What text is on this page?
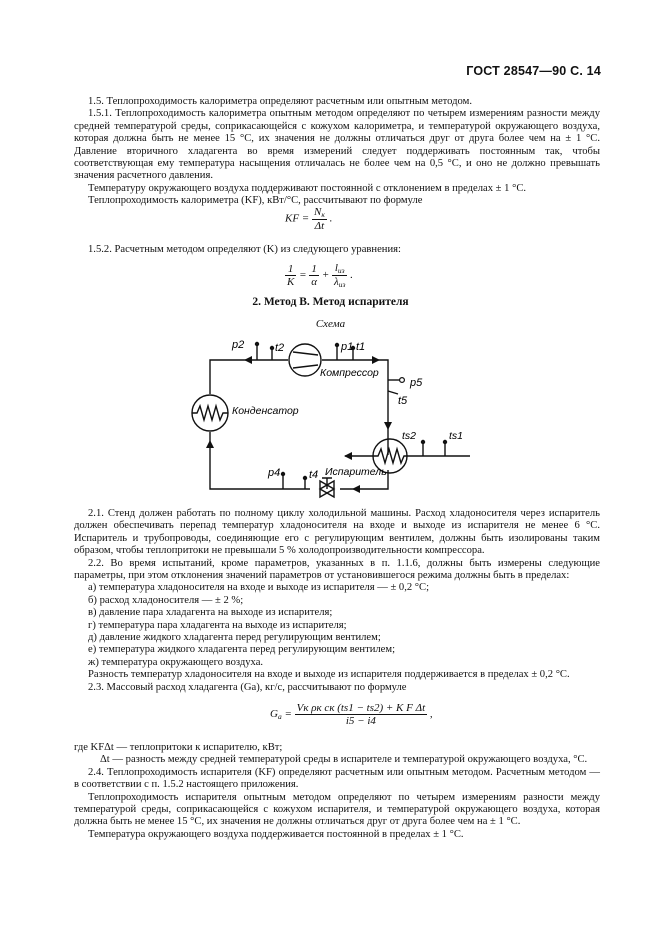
ГОСТ 28547—90 С. 14

1.5. Теплопроходимость калориметра определяют расчетным или опытным методом.

1.5.1. Теплопроходимость калориметра опытным методом определяют по четырем измерениям разности между средней температурой среды, соприкасающейся с кожухом калориметра, и температурой окружающего воздуха, которая должна быть не менее 15 °C, их значения не должны отличаться друг от друга более чем на ± 1 °C. Давление вторичного хладагента во время измерений следует поддерживать постоянным так, чтобы соответствующая ему температура насыщения отличалась не более чем на 0,5 °C, и оно не должно превышать значения расчетного давления.

Температуру окружающего воздуха поддерживают постоянной с отклонением в пределах ± 1 °C.

Теплопроходимость калориметра (KF), кВт/°C, рассчитывают по формуле

KF = $\frac{N_к}{\Delta t}$ .

1.5.2. Расчетным методом определяют (K) из следующего уравнения:

$\frac{1}{K} = \frac{1}{\alpha} + \frac{l_{из}}{\lambda_{из}}$ .
2. Метод В. Метод испарителя
Схема
p2	t2	p1 t1
Компрессор
p5
t5
Конденсатор
ts2	ts1
Испаритель
p4	t4

2.1. Стенд должен работать по полному циклу холодильной машины. Расход хладоносителя через испаритель должен обеспечивать перепад температур хладоносителя на входе и выходе из испарителя не менее 6 °C. Испаритель и трубопроводы, соединяющие его с регулирующим вентилем, должны быть изолированы таким образом, чтобы теплопритоки не превышали 5 % холодопроизводительности компрессора.

2.2. Во время испытаний, кроме параметров, указанных в п. 1.1.6, должны быть измерены следующие параметры, при этом отклонения значений параметров от установившегося режима должны быть в пределах:

а) температура хладоносителя на входе и выходе из испарителя — ± 0,2 °C;

б) расход хладоносителя — ± 2 %;

в) давление пара хладагента на выходе из испарителя;

г) температура пара хладагента на выходе из испарителя;

д) давление жидкого хладагента перед регулирующим вентилем;

е) температура жидкого хладагента перед регулирующим вентилем;

ж) температура окружающего воздуха.

Разность температур хладоносителя на входе и выходе из испарителя поддерживается в пределах ± 0,2 °C.

2.3. Массовый расход хладагента (Gа), кг/с, рассчитывают по формуле

$G_а = \frac{\text{Vк ρк cк (ts1 − ts2) + K F Δt}}{i5 - i4}$ ,

где KFΔt — теплопритоки к испарителю, кВт;

Δt — разность между средней температурой среды в испарителе и температурой окружающего воздуха, °C.

2.4. Теплопроходимость испарителя (KF) определяют расчетным или опытным методом. Расчетным методом — в соответствии с п. 1.5.2 настоящего приложения.

Теплопроходимость испарителя опытным методом определяют по четырем измерениям разности между температурой среды, соприкасающейся с кожухом испарителя, и температурой окружающего воздуха, которая должна быть не менее 15 °C, их значения не должны отличаться друг от друга более чем на ± 1 °C.

Температура окружающего воздуха поддерживается постоянной в пределах ± 1 °C.
